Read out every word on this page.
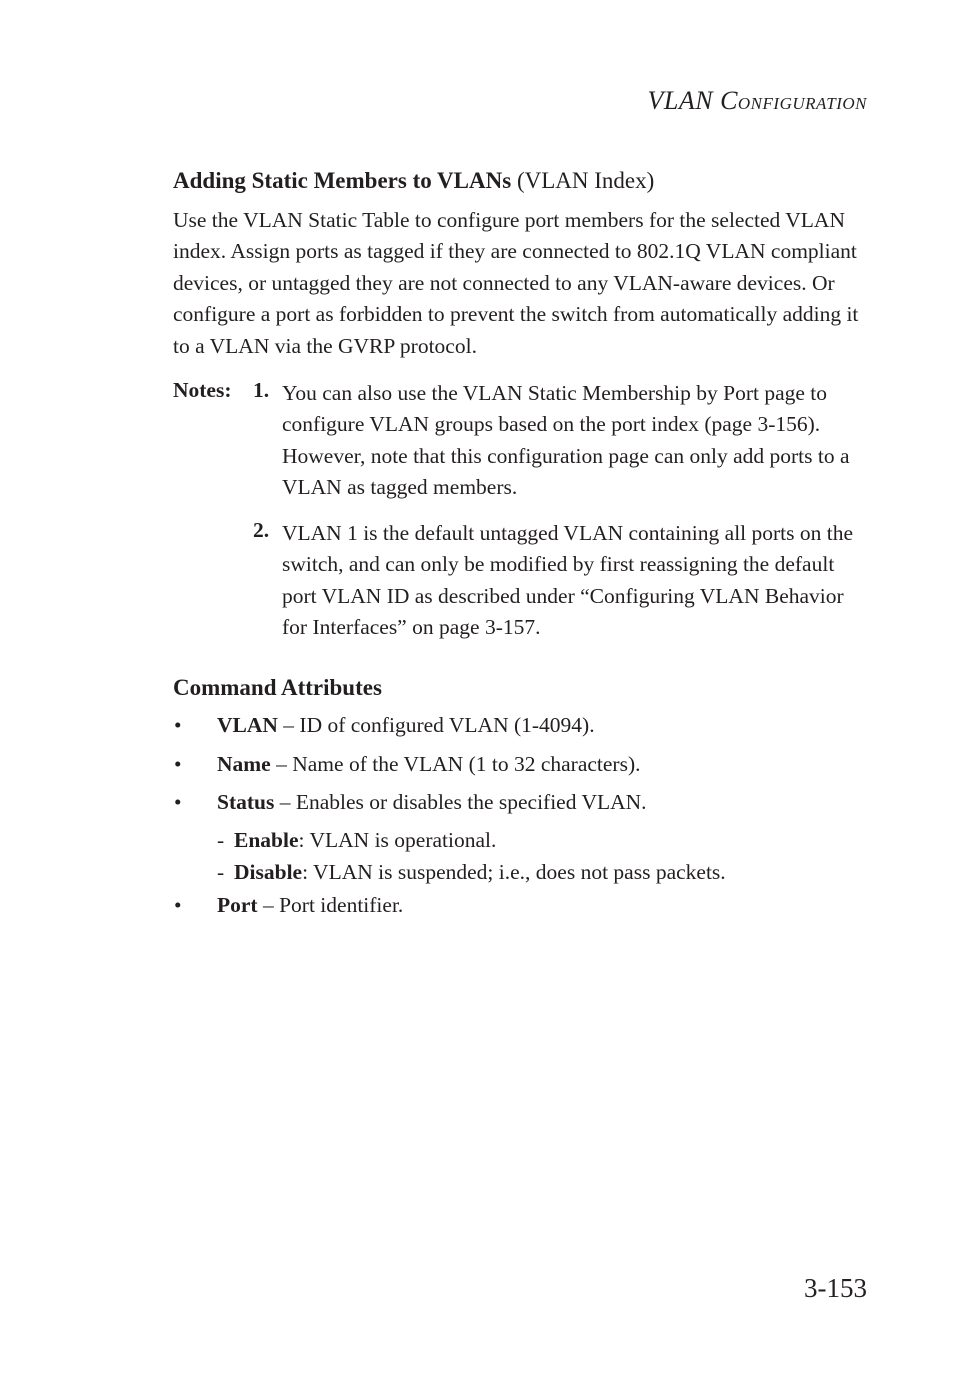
VLAN CONFIGURATION
Adding Static Members to VLANs (VLAN Index)
Use the VLAN Static Table to configure port members for the selected VLAN index. Assign ports as tagged if they are connected to 802.1Q VLAN compliant devices, or untagged they are not connected to any VLAN-aware devices. Or configure a port as forbidden to prevent the switch from automatically adding it to a VLAN via the GVRP protocol.
Notes: 1. You can also use the VLAN Static Membership by Port page to configure VLAN groups based on the port index (page 3-156). However, note that this configuration page can only add ports to a VLAN as tagged members.
2. VLAN 1 is the default untagged VLAN containing all ports on the switch, and can only be modified by first reassigning the default port VLAN ID as described under “Configuring VLAN Behavior for Interfaces” on page 3-157.
Command Attributes
• VLAN – ID of configured VLAN (1-4094).
• Name – Name of the VLAN (1 to 32 characters).
• Status – Enables or disables the specified VLAN.
- Enable: VLAN is operational.
- Disable: VLAN is suspended; i.e., does not pass packets.
• Port – Port identifier.
3-153
